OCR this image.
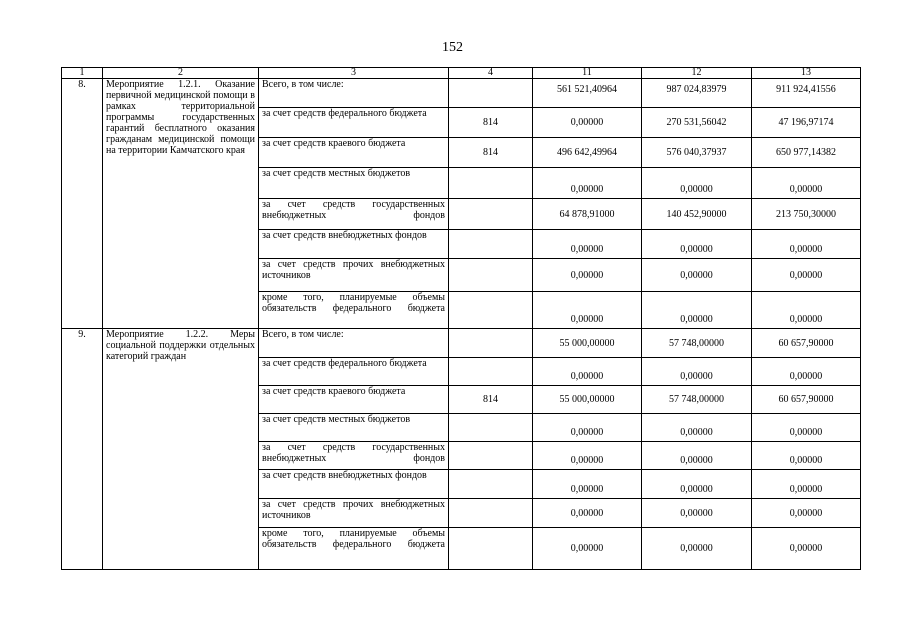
152
1	2	3	4	11	12	13
8.	Мероприятие 1.2.1. Оказание первичной медицинской помощи в рамках территориальной программы государственных гарантий бесплатного оказания гражданам медицинской помощи на территории Камчатского края	Всего, в том числе:		561 521,40964	987 024,83979	911 924,41556
		за счет средств федерального бюджета	814	0,00000	270 531,56042	47 196,97174
		за счет средств краевого бюджета	814	496 642,49964	576 040,37937	650 977,14382
		за счет средств местных бюджетов		0,00000	0,00000	0,00000
		за счет средств государственных внебюджетных фондов		64 878,91000	140 452,90000	213 750,30000
		за счет средств внебюджетных фондов		0,00000	0,00000	0,00000
		за счет средств прочих внебюджетных источников		0,00000	0,00000	0,00000
		кроме того, планируемые объемы обязательств федерального бюджета		0,00000	0,00000	0,00000
9.	Мероприятие 1.2.2. Меры социальной поддержки отдельных категорий граждан	Всего, в том числе:		55 000,00000	57 748,00000	60 657,90000
		за счет средств федерального бюджета		0,00000	0,00000	0,00000
		за счет средств краевого бюджета	814	55 000,00000	57 748,00000	60 657,90000
		за счет средств местных бюджетов		0,00000	0,00000	0,00000
		за счет средств государственных внебюджетных фондов		0,00000	0,00000	0,00000
		за счет средств внебюджетных фондов		0,00000	0,00000	0,00000
		за счет средств прочих внебюджетных источников		0,00000	0,00000	0,00000
		кроме того, планируемые объемы обязательств федерального бюджета		0,00000	0,00000	0,00000
